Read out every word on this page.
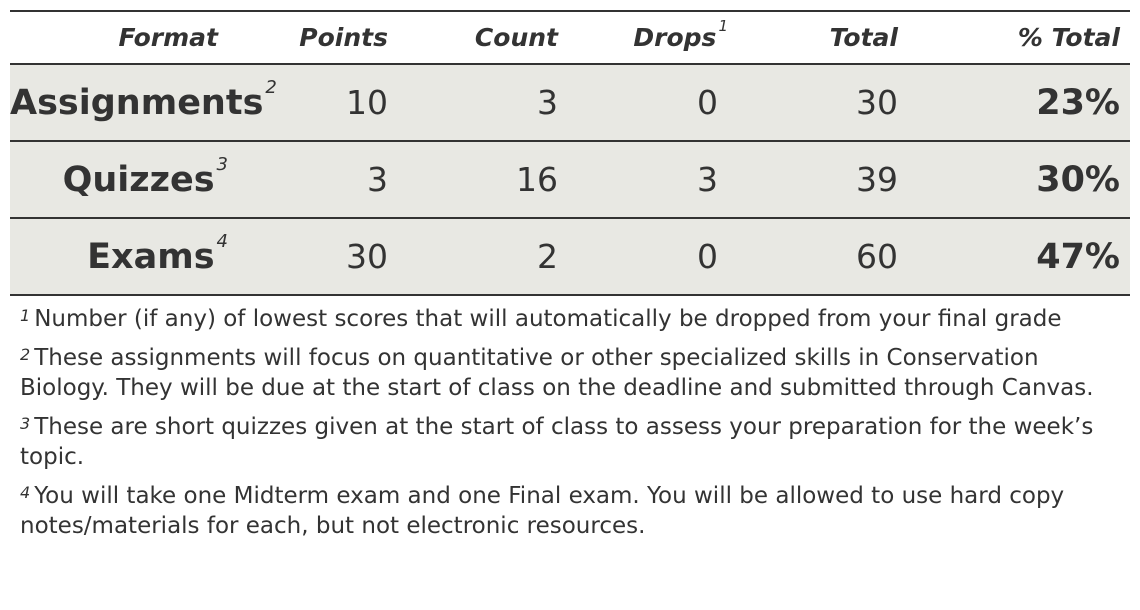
Format	Points	Count	Drops $^1$	Total	% Total
Assignments $^2$	10	3	0	30	23%
Quizzes $^3$	3	16	3	39	30%
Exams $^4$	30	2	0	60	47%

$^1$ Number (if any) of lowest scores that will automatically be dropped from your final grade

$^2$ These assignments will focus on quantitative or other specialized skills in Conservation Biology. They will be due at the start of class on the deadline and submitted through Canvas.

$^3$ These are short quizzes given at the start of class to assess your preparation for the week’s topic.

$^4$ You will take one Midterm exam and one Final exam. You will be allowed to use hard copy notes/materials for each, but not electronic resources.
